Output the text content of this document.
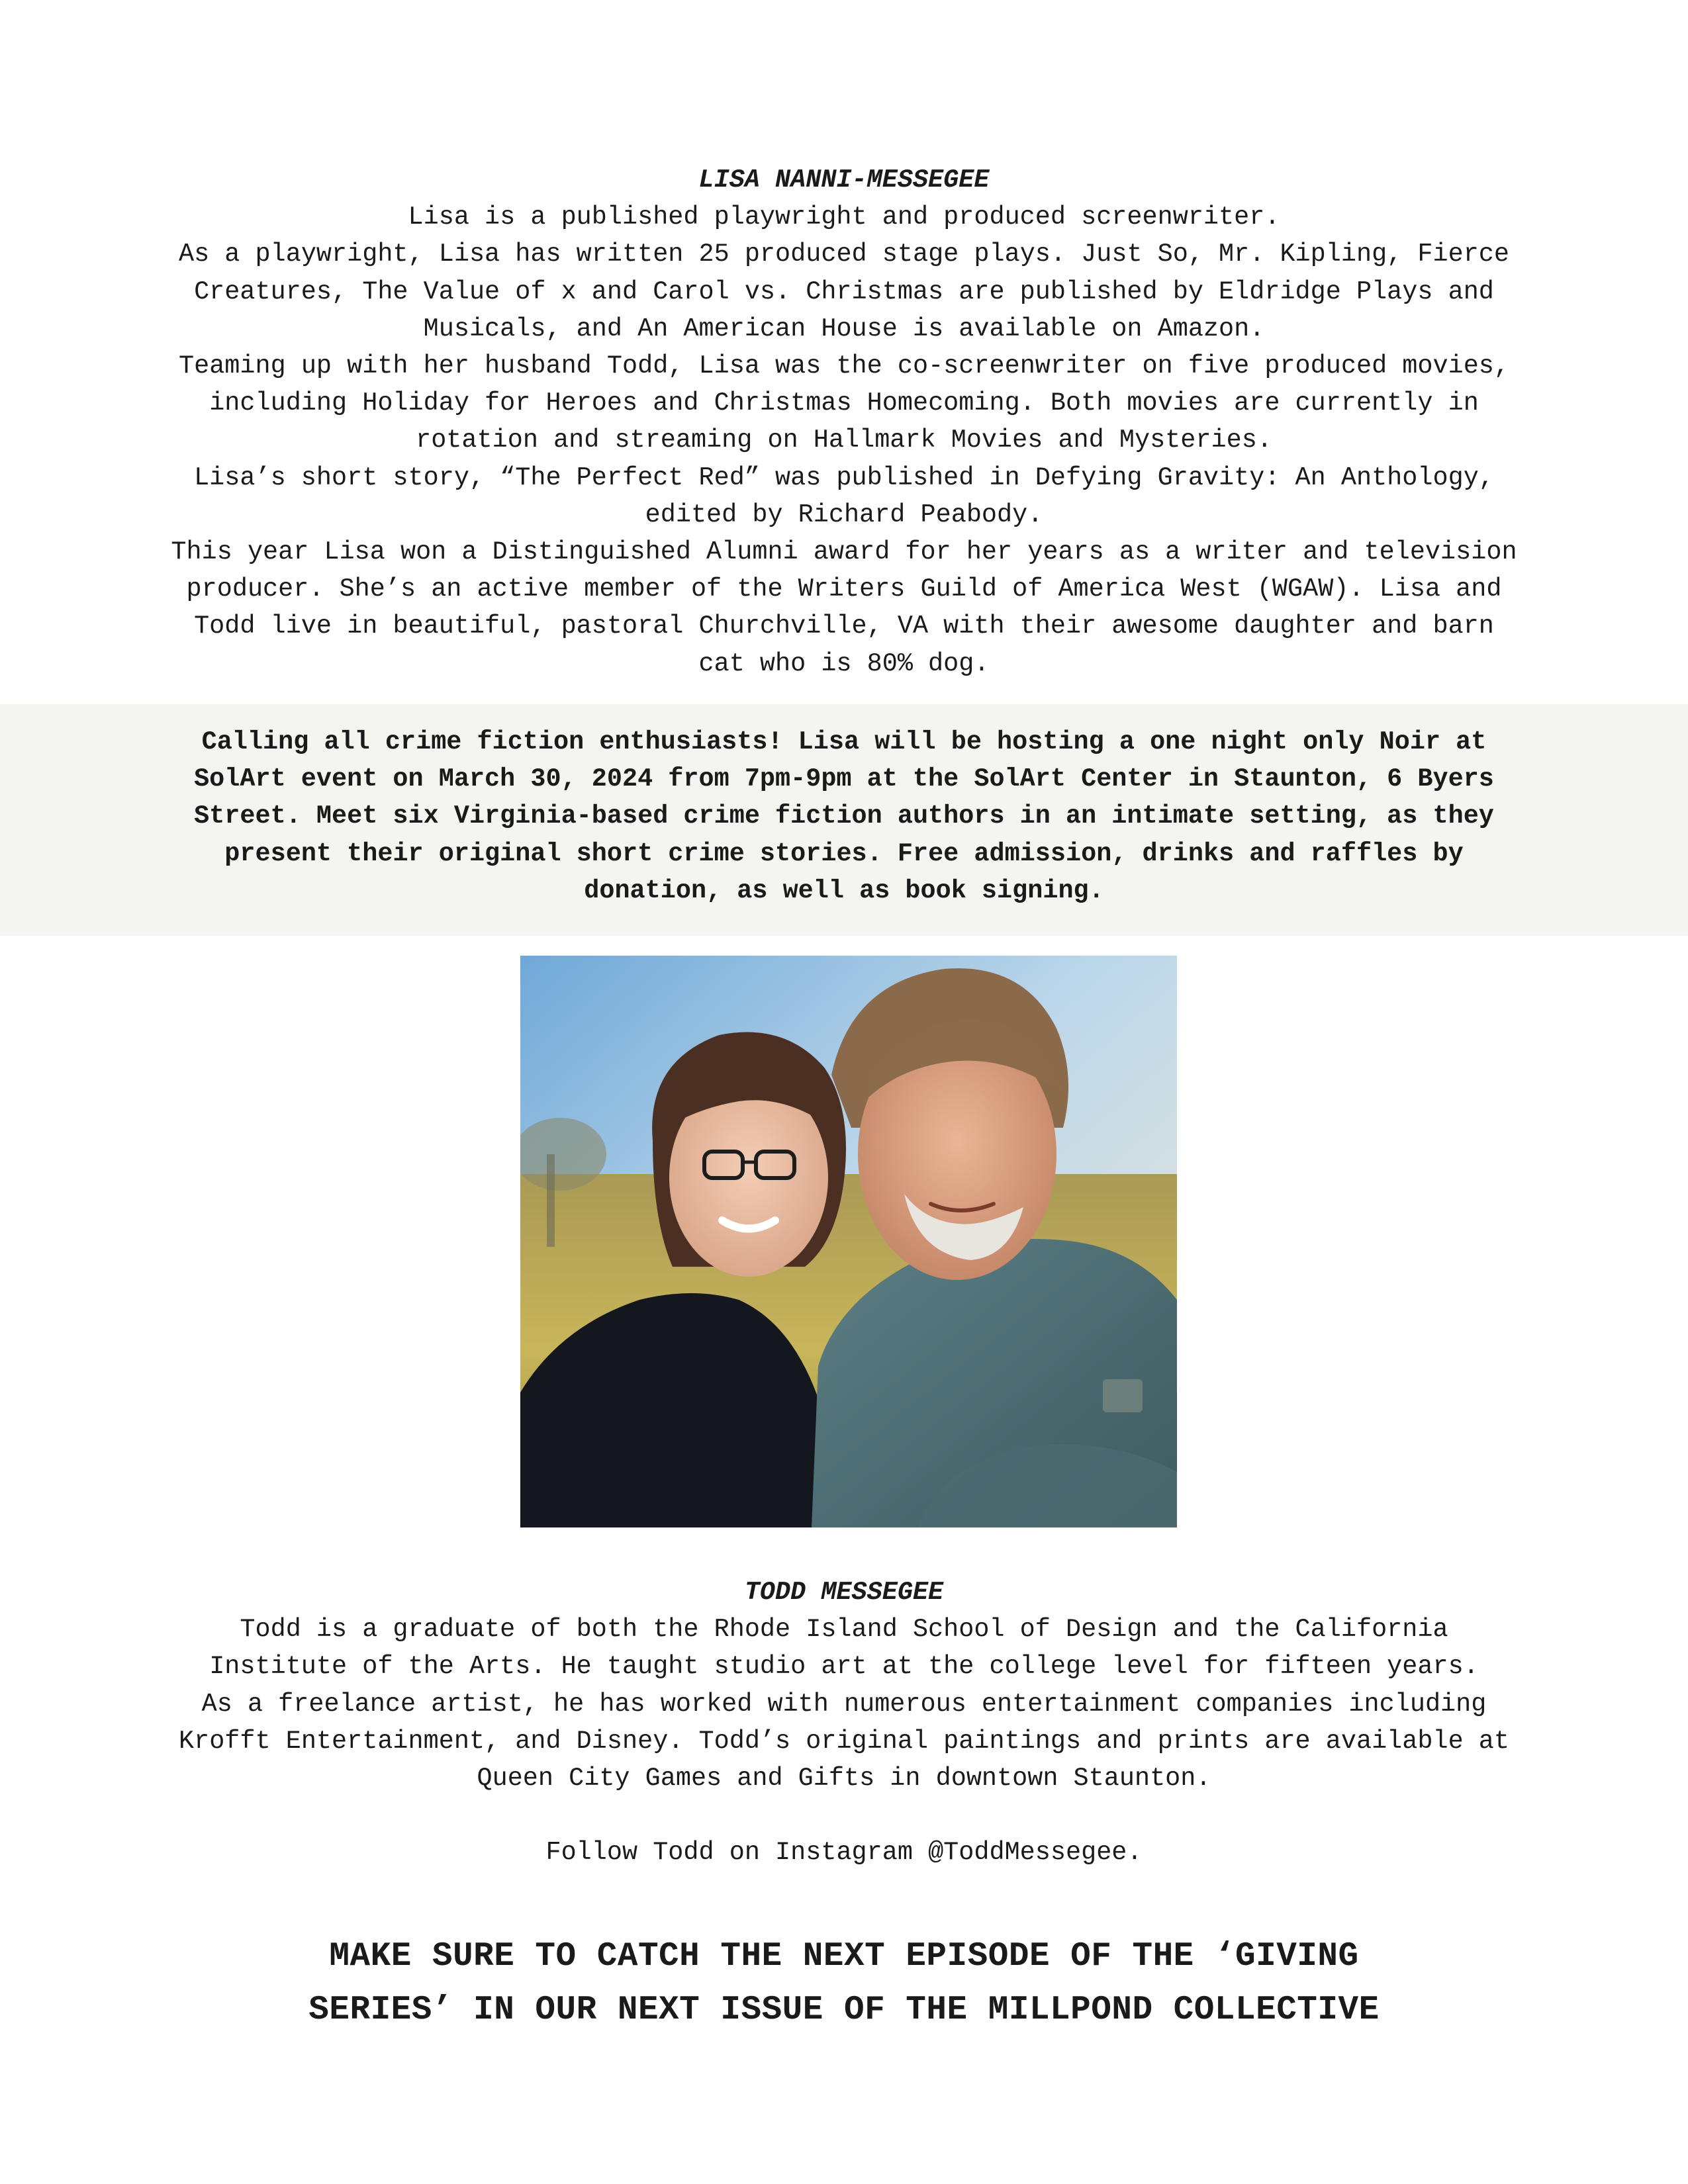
LISA NANNI-MESSEGEE

Lisa is a published playwright and produced screenwriter.

As a playwright, Lisa has written 25 produced stage plays. Just So, Mr. Kipling, Fierce Creatures, The Value of x and Carol vs. Christmas are published by Eldridge Plays and Musicals, and An American House is available on Amazon.

Teaming up with her husband Todd, Lisa was the co-screenwriter on five produced movies, including Holiday for Heroes and Christmas Homecoming. Both movies are currently in rotation and streaming on Hallmark Movies and Mysteries.

Lisa’s short story, “The Perfect Red” was published in Defying Gravity: An Anthology, edited by Richard Peabody.

This year Lisa won a Distinguished Alumni award for her years as a writer and television producer. She’s an active member of the Writers Guild of America West (WGAW). Lisa and Todd live in beautiful, pastoral Churchville, VA with their awesome daughter and barn cat who is 80% dog.

Calling all crime fiction enthusiasts! Lisa will be hosting a one night only Noir at SolArt event on March 30, 2024 from 7pm-9pm at the SolArt Center in Staunton, 6 Byers Street. Meet six Virginia-based crime fiction authors in an intimate setting, as they present their original short crime stories. Free admission, drinks and raffles by donation, as well as book signing.

TODD MESSEGEE

Todd is a graduate of both the Rhode Island School of Design and the California Institute of the Arts. He taught studio art at the college level for fifteen years.

As a freelance artist, he has worked with numerous entertainment companies including Krofft Entertainment, and Disney. Todd’s original paintings and prints are available at Queen City Games and Gifts in downtown Staunton.

Follow Todd on Instagram @ToddMessegee.

MAKE SURE TO CATCH THE NEXT EPISODE OF THE ‘GIVING
SERIES’ IN OUR NEXT ISSUE OF THE MILLPOND COLLECTIVE
